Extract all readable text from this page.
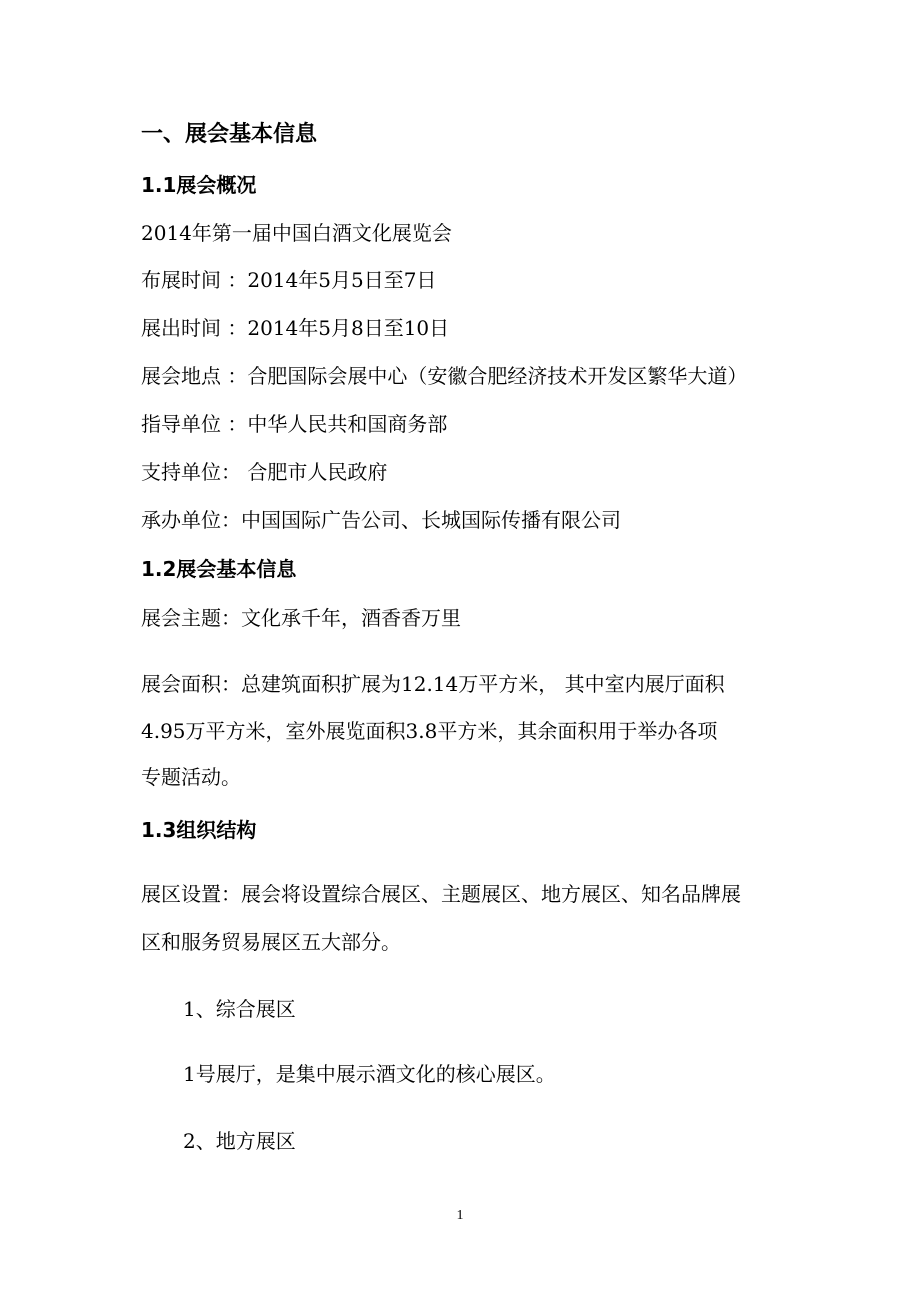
一、展会基本信息
1.1展会概况
2014年第一届中国白酒文化展览会
布展时间 ：2014年5月5日至7日
展出时间 ：2014年5月8日至10日
展会地点 ：合肥国际会展中心（安徽合肥经济技术开发区繁华大道）
指导单位 ：中华人民共和国商务部
支持单位： 合肥市人民政府
承办单位：中国国际广告公司、长城国际传播有限公司
1.2展会基本信息
展会主题：文化承千年，酒香香万里
展会面积：总建筑面积扩展为12.14万平方米， 其中室内展厅面积
4.95万平方米，室外展览面积3.8平方米，其余面积用于举办各项
专题活动。
1.3组织结构
展区设置：展会将设置综合展区、主题展区、地方展区、知名品牌展
区和服务贸易展区五大部分。
1、综合展区
1号展厅，是集中展示酒文化的核心展区。
2、地方展区
1
